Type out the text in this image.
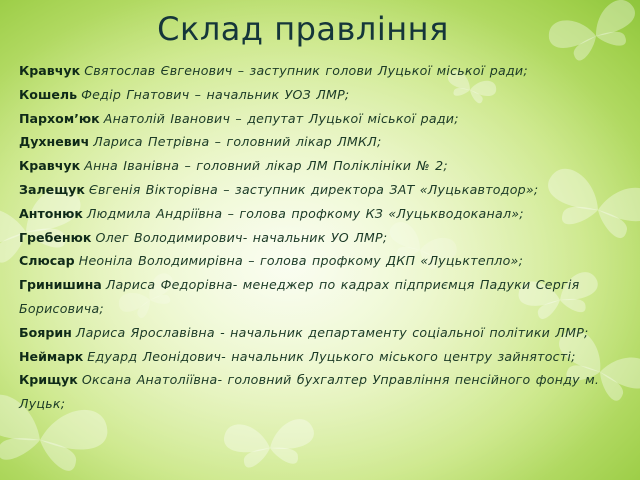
Склад правління
Кравчук Святослав Євгенович – заступник голови Луцької міської ради;
Кошель Федір Гнатович – начальник УОЗ ЛМР;
Пархом’юк Анатолій Іванович – депутат Луцької міської ради;
Духневич Лариса Петрівна – головний лікар ЛМКЛ;
Кравчук Анна Іванівна – головний лікар ЛМ Поліклініки № 2;
Залещук Євгенія Вікторівна – заступник директора ЗАТ «Луцькавтодор»;
Антонюк Людмила Андріївна – голова профкому КЗ «Луцькводоканал»;
Гребенюк Олег Володимирович- начальник УО ЛМР;
Слюсар Неоніла Володимирівна – голова профкому ДКП «Луцьктепло»;
Гринишина Лариса Федорівна- менеджер по кадрах підприємця Падуки Сергія Борисовича;
Боярин Лариса Ярославівна - начальник департаменту соціальної політики ЛМР;
Неймарк Едуард Леонідович- начальник Луцького міського центру зайнятості;
Крищук Оксана Анатоліївна- головний бухгалтер Управління пенсійного фонду м. Луцьк;
